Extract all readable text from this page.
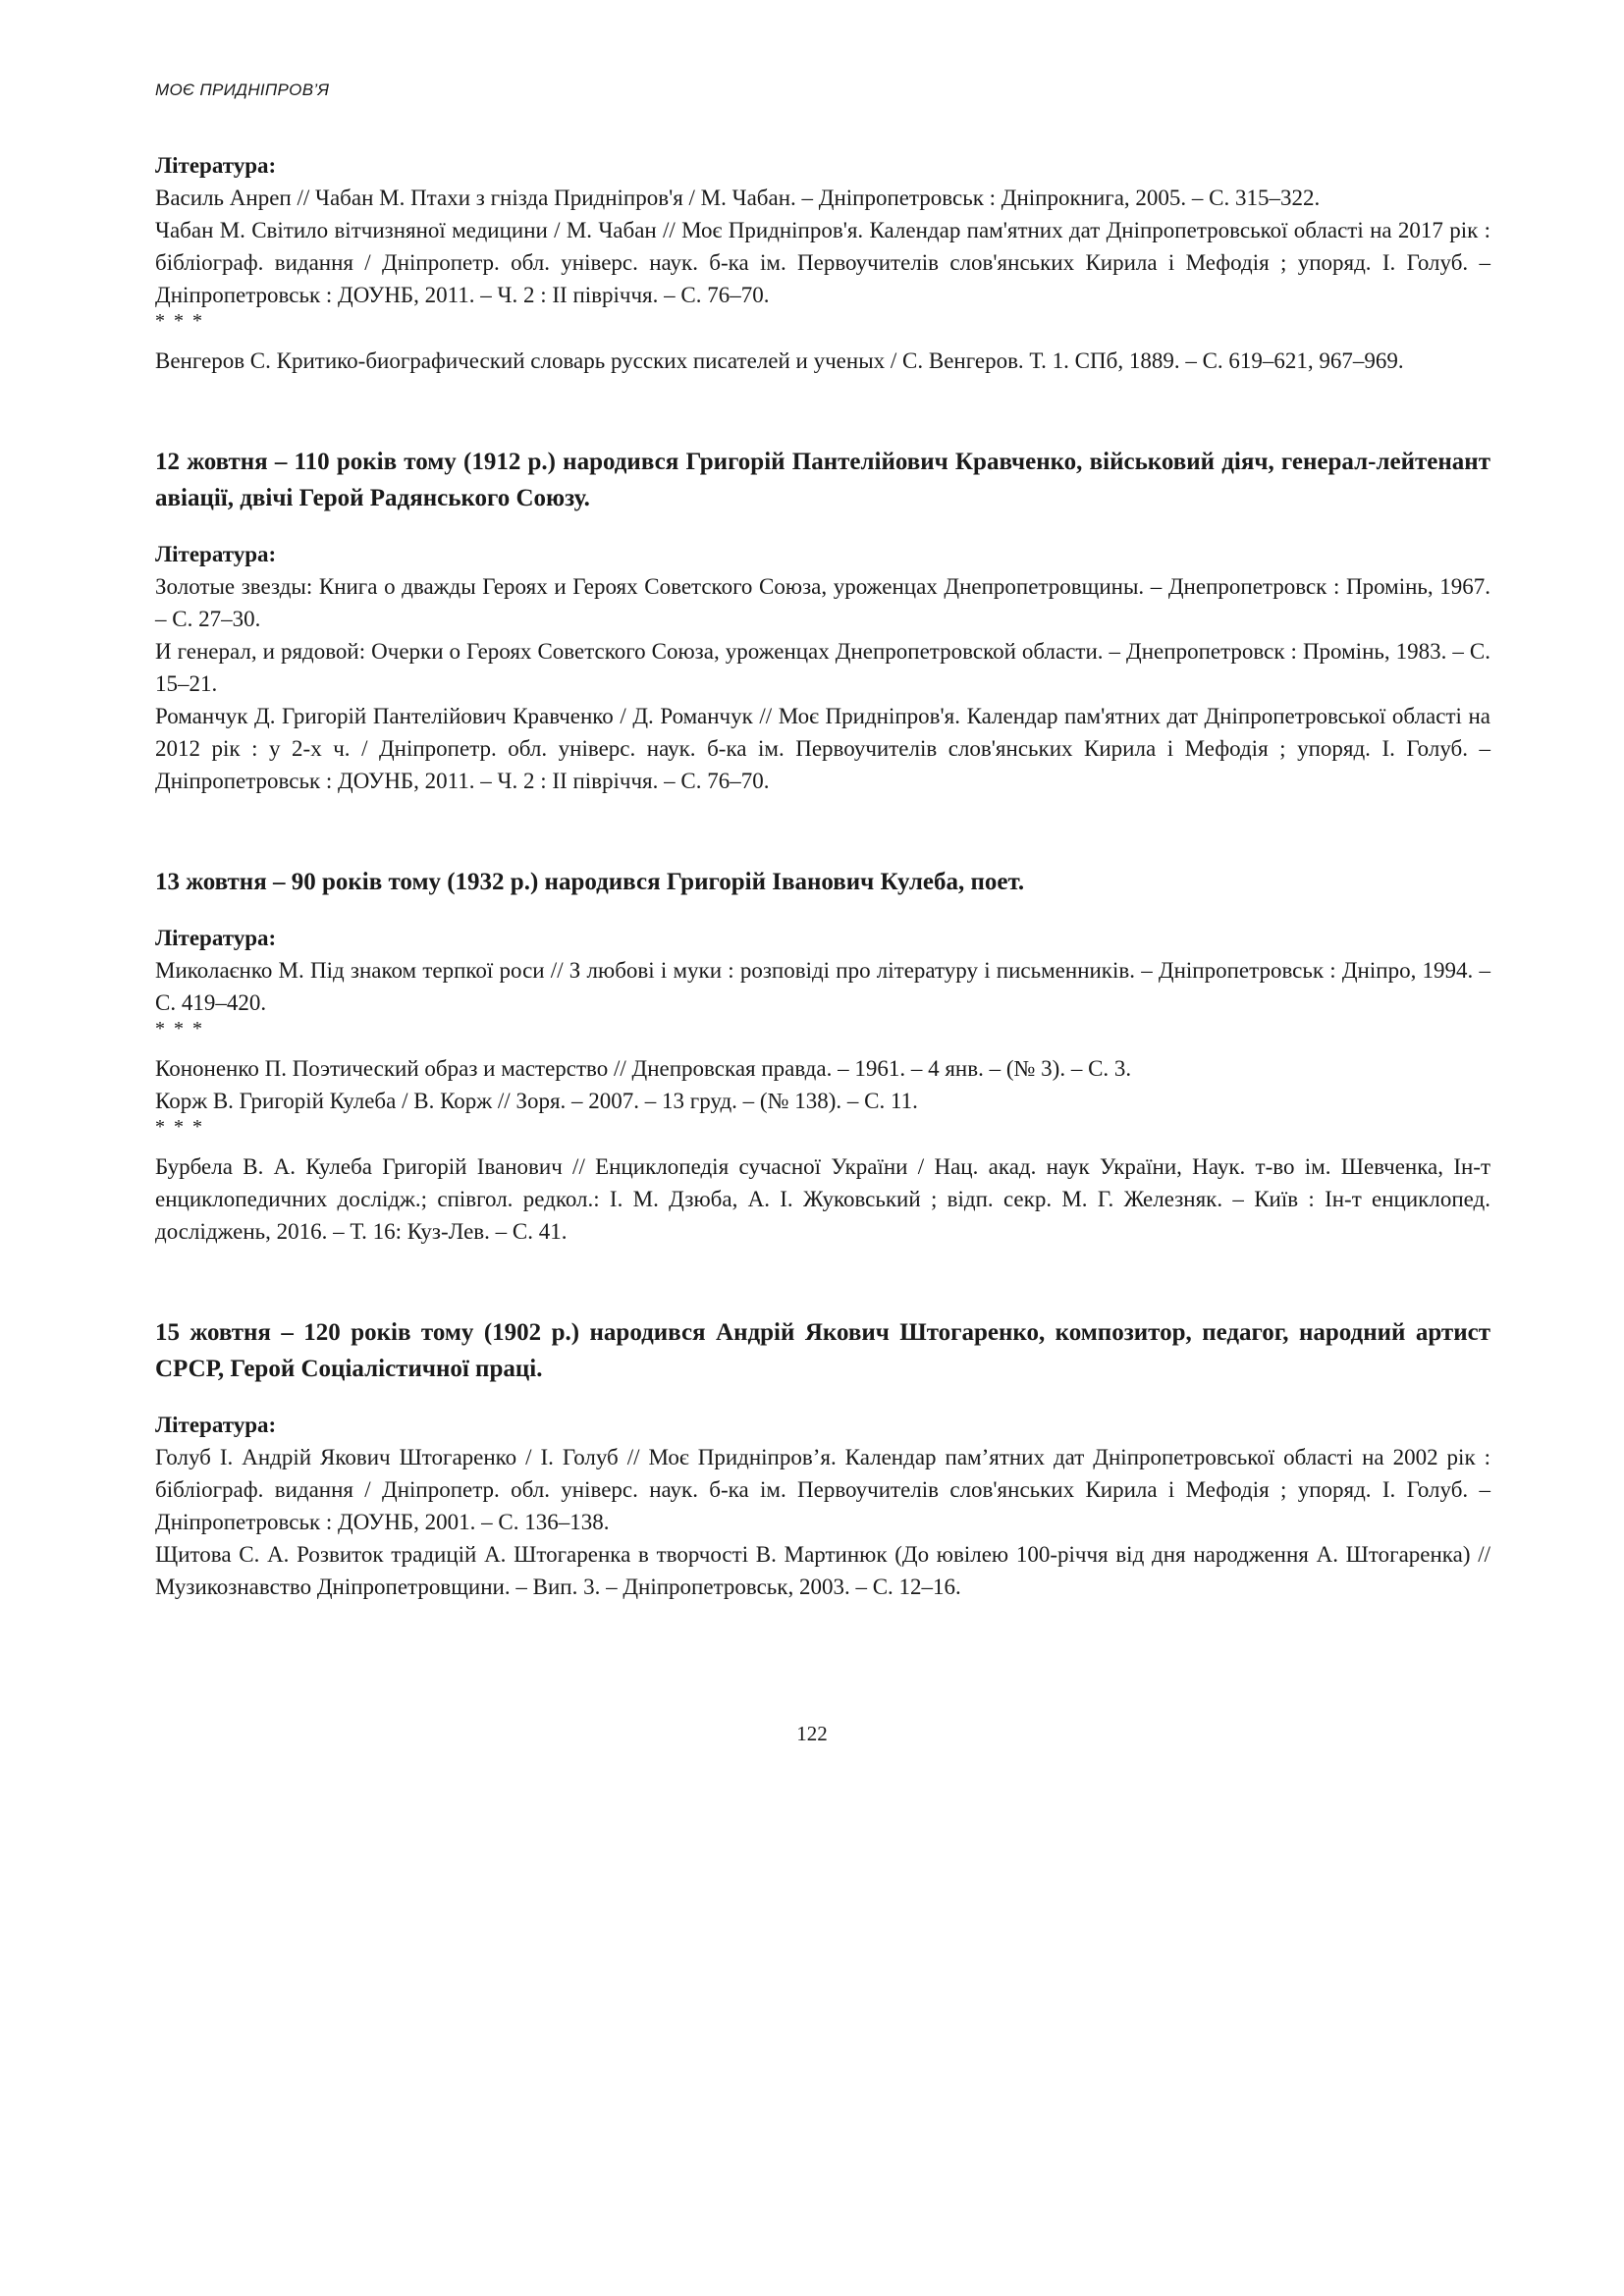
МОЄ ПРИДНІПРОВ’Я

Література:

Василь Анреп // Чабан М. Птахи з гнізда Придніпров'я / М. Чабан. – Дніпропетровськ : Дніпрокнига, 2005. – С. 315–322.

Чабан М. Світило вітчизняної медицини / М. Чабан // Моє Придніпров'я. Календар пам'ятних дат Дніпропетровської області на 2017 рік : бібліограф. видання / Дніпропетр. обл. універс. наук. б-ка ім. Первоучителів слов'янських Кирила і Мефодія ; упоряд. І. Голуб. – Дніпропетровськ : ДОУНБ, 2011. – Ч. 2 : ІІ півріччя. – С. 76–70.

* * *

Венгеров С. Критико-биографический словарь русских писателей и ученых / С. Венгеров. Т. 1. СПб, 1889. – С. 619–621, 967–969.

12 жовтня – 110 років тому (1912 р.) народився Григорій Пантелійович Кравченко, військовий діяч, генерал-лейтенант авіації, двічі Герой Радянського Союзу.

Література:

Золотые звезды: Книга о дважды Героях и Героях Советского Союза, уроженцах Днепропетровщины. – Днепропетровск : Промінь, 1967. – С. 27–30.

И генерал, и рядовой: Очерки о Героях Советского Союза, уроженцах Днепропетровской области. – Днепропетровск : Промінь, 1983. – С. 15–21.

Романчук Д. Григорій Пантелійович Кравченко / Д. Романчук // Моє Придніпров'я. Календар пам'ятних дат Дніпропетровської області на 2012 рік : у 2-х ч. / Дніпропетр. обл. універс. наук. б-ка ім. Первоучителів слов'янських Кирила і Мефодія ; упоряд. І. Голуб. – Дніпропетровськ : ДОУНБ, 2011. – Ч. 2 : ІІ півріччя. – С. 76–70.

13 жовтня – 90 років тому (1932 р.) народився Григорій Іванович Кулеба, поет.

Література:

Миколаєнко М. Під знаком терпкої роси // З любові і муки : розповіді про літературу і письменників. – Дніпропетровськ : Дніпро, 1994. – С. 419–420.

* * *

Кононенко П. Поэтический образ и мастерство // Днепровская правда. – 1961. – 4 янв. – (№ 3). – С. 3.

Корж В. Григорій Кулеба / В. Корж // Зоря. – 2007. – 13 груд. – (№ 138). – С. 11.

* * *

Бурбела В. А. Кулеба Григорій Іванович // Енциклопедія сучасної України / Нац. акад. наук України, Наук. т-во ім. Шевченка, Ін-т енциклопедичних дослідж.; співгол. редкол.: І. М. Дзюба, А. І. Жуковський ; відп. секр. М. Г. Железняк. – Київ : Ін-т енциклопед. досліджень, 2016. – Т. 16: Куз-Лев. – С. 41.

15 жовтня – 120 років тому (1902 р.) народився Андрій Якович Штогаренко, композитор, педагог, народний артист СРСР, Герой Соціалістичної праці.

Література:

Голуб І. Андрій Якович Штогаренко / І. Голуб // Моє Придніпров’я. Календар пам’ятних дат Дніпропетровської області на 2002 рік : бібліограф. видання / Дніпропетр. обл. універс. наук. б-ка ім. Первоучителів слов'янських Кирила і Мефодія ; упоряд. І. Голуб. – Дніпропетровськ : ДОУНБ, 2001. – С. 136–138.

Щитова С. А. Розвиток традицій А. Штогаренка в творчості В. Мартинюк (До ювілею 100-річчя від дня народження А. Штогаренка) // Музикознавство Дніпропетровщини. – Вип. 3. – Дніпропетровськ, 2003. – С. 12–16.

122
